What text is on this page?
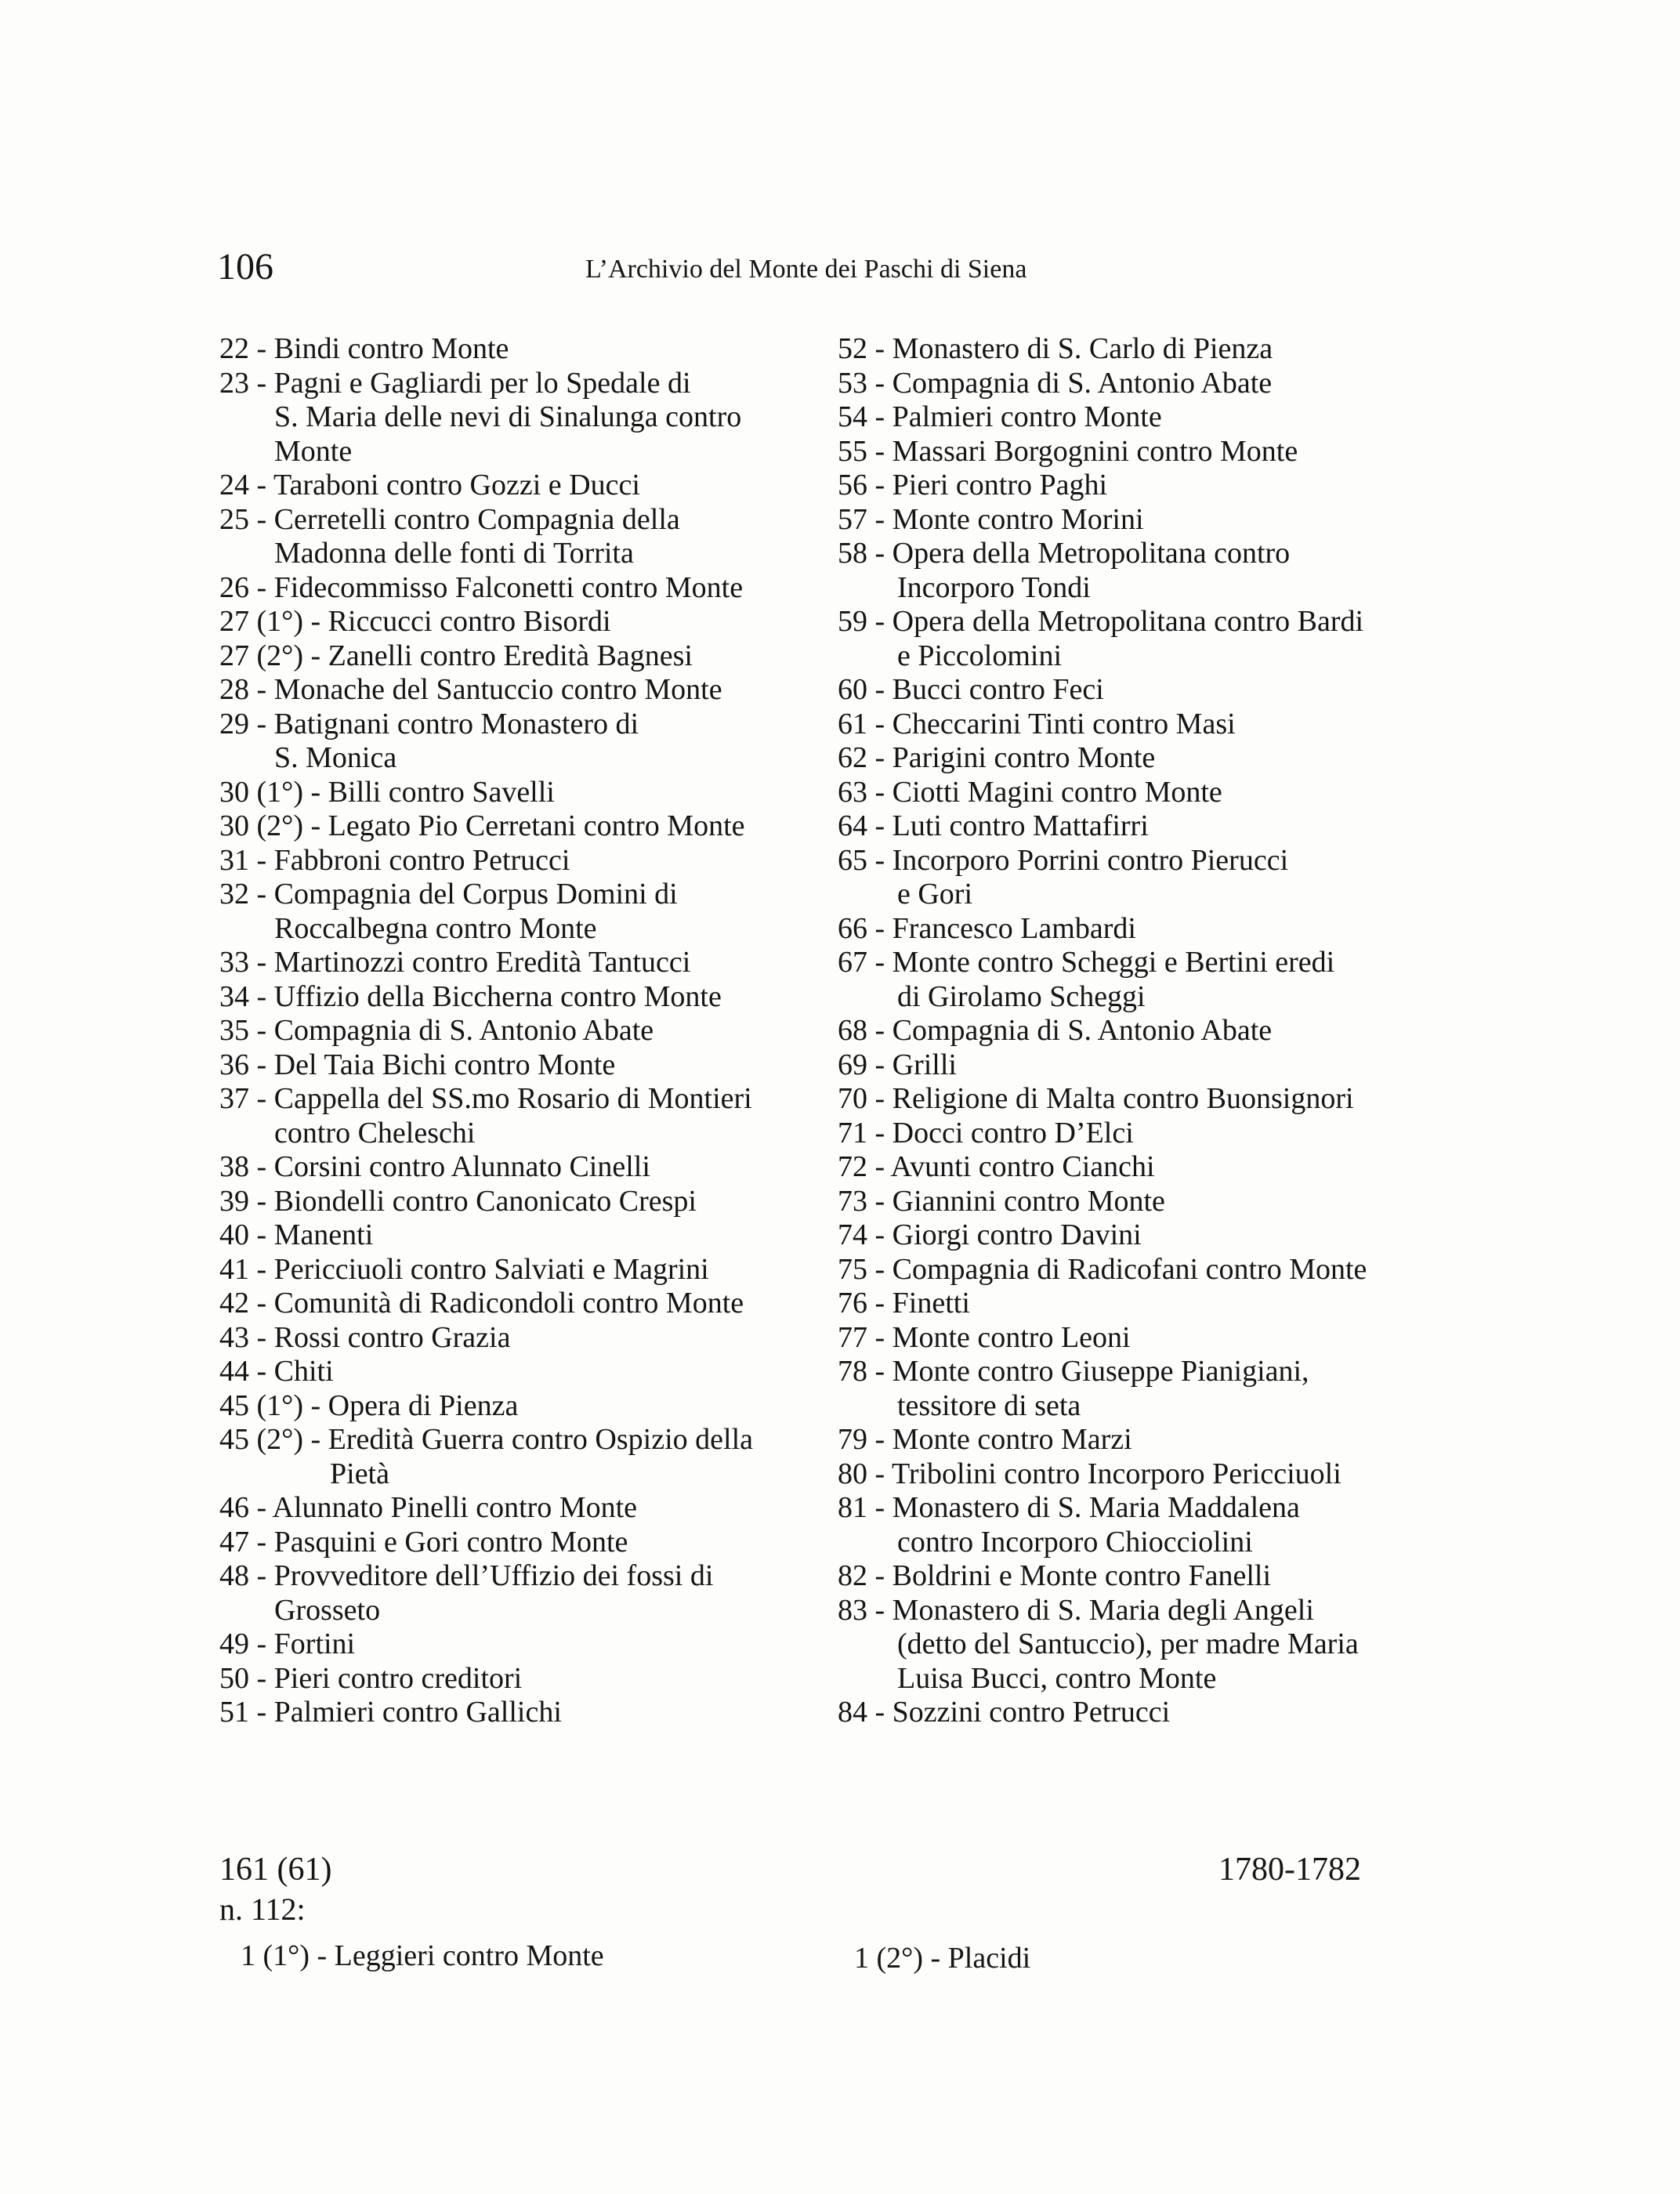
106	L’Archivio del Monte dei Paschi di Siena
22 - Bindi contro Monte
23 - Pagni e Gagliardi per lo Spedale di
S. Maria delle nevi di Sinalunga contro
Monte
24 - Taraboni contro Gozzi e Ducci
25 - Cerretelli contro Compagnia della
Madonna delle fonti di Torrita
26 - Fidecommisso Falconetti contro Monte
27 (1°) - Riccucci contro Bisordi
27 (2°) - Zanelli contro Eredità Bagnesi
28 - Monache del Santuccio contro Monte
29 - Batignani contro Monastero di
S. Monica
30 (1°) - Billi contro Savelli
30 (2°) - Legato Pio Cerretani contro Monte
31 - Fabbroni contro Petrucci
32 - Compagnia del Corpus Domini di
Roccalbegna contro Monte
33 - Martinozzi contro Eredità Tantucci
34 - Uffizio della Biccherna contro Monte
35 - Compagnia di S. Antonio Abate
36 - Del Taia Bichi contro Monte
37 - Cappella del SS.mo Rosario di Montieri
contro Cheleschi
38 - Corsini contro Alunnato Cinelli
39 - Biondelli contro Canonicato Crespi
40 - Manenti
41 - Pericciuoli contro Salviati e Magrini
42 - Comunità di Radicondoli contro Monte
43 - Rossi contro Grazia
44 - Chiti
45 (1°) - Opera di Pienza
45 (2°) - Eredità Guerra contro Ospizio della
Pietà
46 - Alunnato Pinelli contro Monte
47 - Pasquini e Gori contro Monte
48 - Provveditore dell’Uffizio dei fossi di
Grosseto
49 - Fortini
50 - Pieri contro creditori
51 - Palmieri contro Gallichi
52 - Monastero di S. Carlo di Pienza
53 - Compagnia di S. Antonio Abate
54 - Palmieri contro Monte
55 - Massari Borgognini contro Monte
56 - Pieri contro Paghi
57 - Monte contro Morini
58 - Opera della Metropolitana contro
Incorporo Tondi
59 - Opera della Metropolitana contro Bardi
e Piccolomini
60 - Bucci contro Feci
61 - Checcarini Tinti contro Masi
62 - Parigini contro Monte
63 - Ciotti Magini contro Monte
64 - Luti contro Mattafirri
65 - Incorporo Porrini contro Pierucci
e Gori
66 - Francesco Lambardi
67 - Monte contro Scheggi e Bertini eredi
di Girolamo Scheggi
68 - Compagnia di S. Antonio Abate
69 - Grilli
70 - Religione di Malta contro Buonsignori
71 - Docci contro D’Elci
72 - Avunti contro Cianchi
73 - Giannini contro Monte
74 - Giorgi contro Davini
75 - Compagnia di Radicofani contro Monte
76 - Finetti
77 - Monte contro Leoni
78 - Monte contro Giuseppe Pianigiani,
tessitore di seta
79 - Monte contro Marzi
80 - Tribolini contro Incorporo Pericciuoli
81 - Monastero di S. Maria Maddalena
contro Incorporo Chiocciolini
82 - Boldrini e Monte contro Fanelli
83 - Monastero di S. Maria degli Angeli
(detto del Santuccio), per madre Maria
Luisa Bucci, contro Monte
84 - Sozzini contro Petrucci
161 (61)	1780-1782
n. 112:
1 (1°) - Leggieri contro Monte	1 (2°) - Placidi
